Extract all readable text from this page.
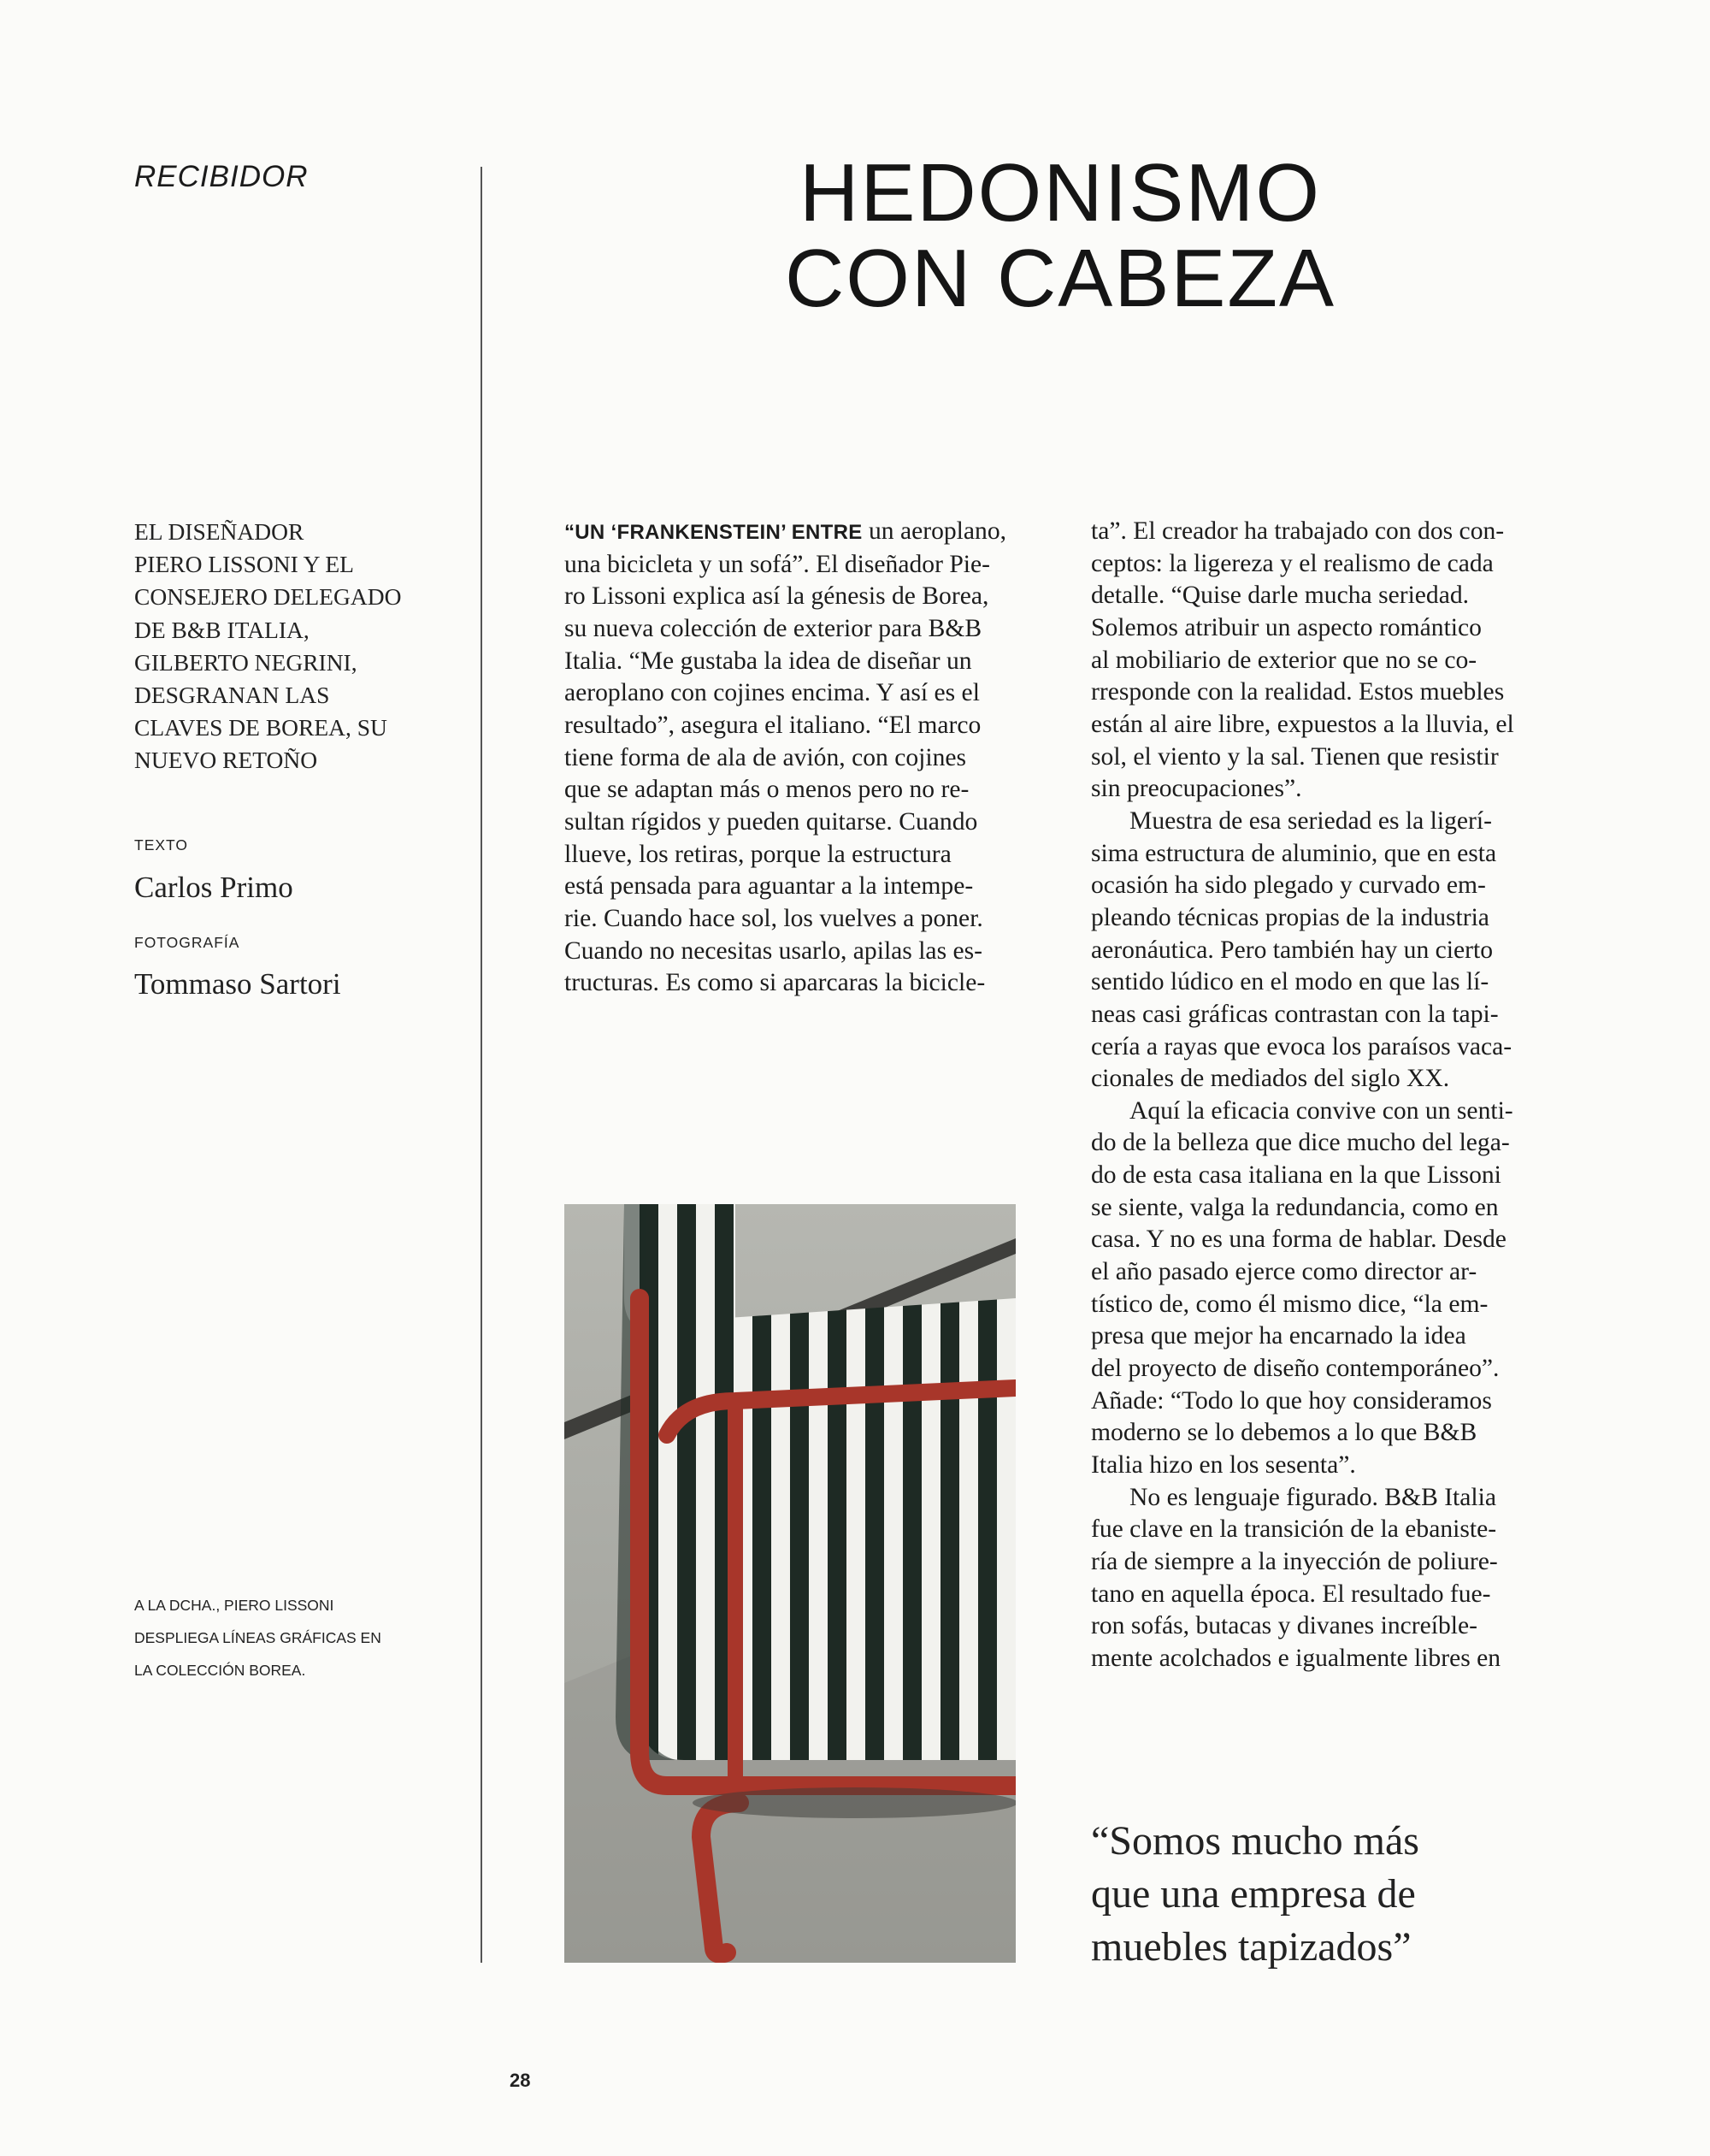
RECIBIDOR	HEDONISMO
CON CABEZA
EL DISEÑADOR
PIERO LISSONI Y EL
CONSEJERO DELEGADO
DE B&B ITALIA,
GILBERTO NEGRINI,
DESGRANAN LAS
CLAVES DE BOREA, SU
NUEVO RETOÑO
TEXTO
Carlos Primo
FOTOGRAFÍA
Tommaso Sartori
A LA DCHA., PIERO LISSONI
DESPLIEGA LÍNEAS GRÁFICAS EN
LA COLECCIÓN BOREA.
“UN ‘FRANKENSTEIN’ ENTRE un aeroplano,
una bicicleta y un sofá”. El diseñador Pie-
ro Lissoni explica así la génesis de Borea,
su nueva colección de exterior para B&B
Italia. “Me gustaba la idea de diseñar un
aeroplano con cojines encima. Y así es el
resultado”, asegura el italiano. “El marco
tiene forma de ala de avión, con cojines
que se adaptan más o menos pero no re-
sultan rígidos y pueden quitarse. Cuando
llueve, los retiras, porque la estructura
está pensada para aguantar a la intempe-
rie. Cuando hace sol, los vuelves a poner.
Cuando no necesitas usarlo, apilas las es-
tructuras. Es como si aparcaras la bicicle-
ta”. El creador ha trabajado con dos con-
ceptos: la ligereza y el realismo de cada
detalle. “Quise darle mucha seriedad.
Solemos atribuir un aspecto romántico
al mobiliario de exterior que no se co-
rresponde con la realidad. Estos muebles
están al aire libre, expuestos a la lluvia, el
sol, el viento y la sal. Tienen que resistir
sin preocupaciones”.
Muestra de esa seriedad es la ligerí-
sima estructura de aluminio, que en esta
ocasión ha sido plegado y curvado em-
pleando técnicas propias de la industria
aeronáutica. Pero también hay un cierto
sentido lúdico en el modo en que las lí-
neas casi gráficas contrastan con la tapi-
cería a rayas que evoca los paraísos vaca-
cionales de mediados del siglo XX.
Aquí la eficacia convive con un senti-
do de la belleza que dice mucho del lega-
do de esta casa italiana en la que Lissoni
se siente, valga la redundancia, como en
casa. Y no es una forma de hablar. Desde
el año pasado ejerce como director ar-
tístico de, como él mismo dice, “la em-
presa que mejor ha encarnado la idea
del proyecto de diseño contemporáneo”.
Añade: “Todo lo que hoy consideramos
moderno se lo debemos a lo que B&B
Italia hizo en los sesenta”.
No es lenguaje figurado. B&B Italia
fue clave en la transición de la ebaniste-
ría de siempre a la inyección de poliure-
tano en aquella época. El resultado fue-
ron sofás, butacas y divanes increíble-
mente acolchados e igualmente libres en
“Somos mucho más
que una empresa de
muebles tapizados”
28
